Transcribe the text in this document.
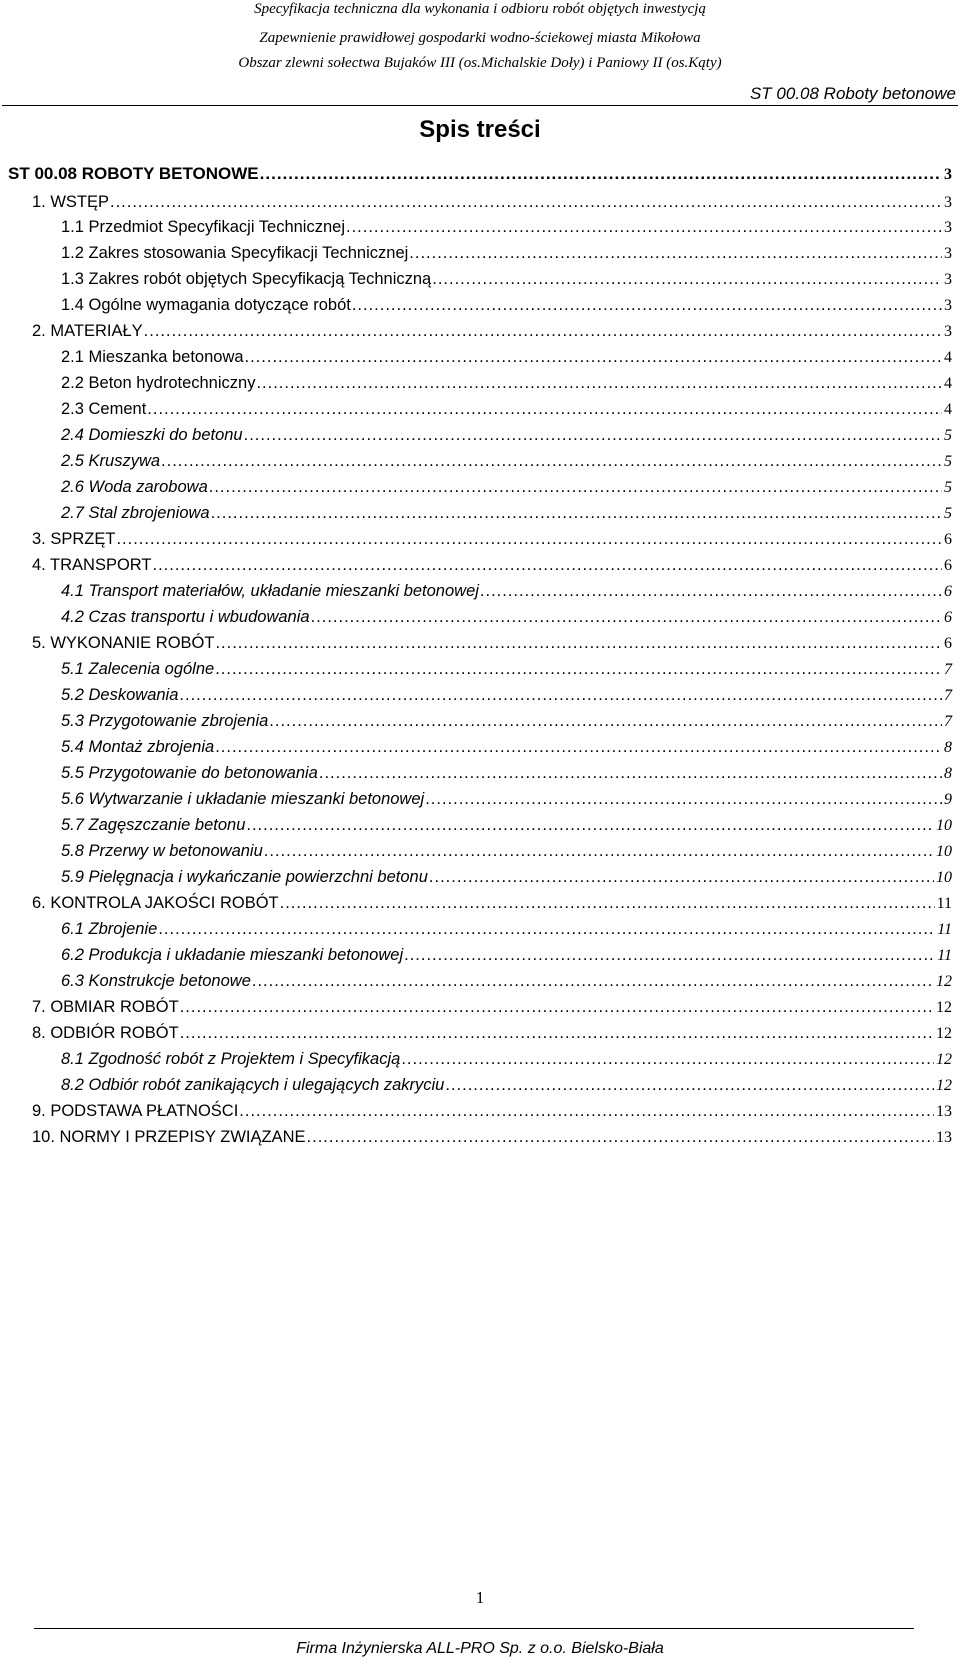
Specyfikacja techniczna dla wykonania i odbioru robót objętych inwestycją
Zapewnienie prawidłowej gospodarki wodno-ściekowej miasta Mikołowa
Obszar zlewni sołectwa Bujaków III (os.Michalskie Doły) i Paniowy II (os.Kąty)
ST 00.08 Roboty betonowe
Spis treści
ST 00.08 ROBOTY BETONOWE .....	3
1. WSTĘP .....	3
1.1 Przedmiot Specyfikacji Technicznej .....	3
1.2 Zakres stosowania Specyfikacji Technicznej .....	3
1.3 Zakres robót objętych Specyfikacją Techniczną .....	3
1.4 Ogólne wymagania dotyczące robót .....	3
2. MATERIAŁY .....	3
2.1 Mieszanka betonowa .....	4
2.2 Beton hydrotechniczny .....	4
2.3 Cement .....	4
2.4 Domieszki do betonu .....	5
2.5 Kruszywa .....	5
2.6 Woda zarobowa .....	5
2.7 Stal zbrojeniowa .....	5
3. SPRZĘT .....	6
4. TRANSPORT .....	6
4.1 Transport materiałów, układanie mieszanki betonowej .....	6
4.2 Czas transportu i wbudowania .....	6
5. WYKONANIE ROBÓT .....	6
5.1 Zalecenia ogólne .....	7
5.2 Deskowania .....	7
5.3 Przygotowanie zbrojenia .....	7
5.4 Montaż zbrojenia .....	8
5.5 Przygotowanie do betonowania .....	8
5.6 Wytwarzanie i układanie mieszanki betonowej .....	9
5.7 Zagęszczanie betonu .....	10
5.8 Przerwy w betonowaniu .....	10
5.9 Pielęgnacja i wykańczanie powierzchni betonu .....	10
6. KONTROLA JAKOŚCI ROBÓT .....	11
6.1 Zbrojenie .....	11
6.2 Produkcja i układanie mieszanki betonowej .....	11
6.3 Konstrukcje betonowe .....	12
7. OBMIAR ROBÓT .....	12
8. ODBIÓR ROBÓT .....	12
8.1 Zgodność robót z Projektem i Specyfikacją .....	12
8.2 Odbiór robót zanikających i ulegających zakryciu .....	12
9. PODSTAWA PŁATNOŚCI .....	13
10. NORMY I PRZEPISY ZWIĄZANE .....	13
1
Firma Inżynierska ALL-PRO Sp. z o.o. Bielsko-Biała
